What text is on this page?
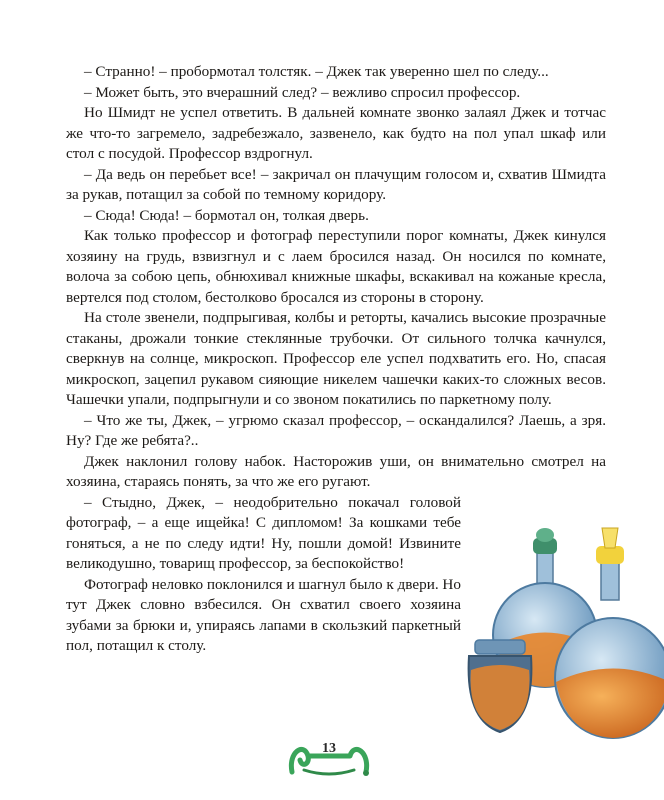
– Странно! – пробормотал толстяк. – Джек так уверенно шел по следу...

– Может быть, это вчерашний след? – вежливо спросил профессор.

Но Шмидт не успел ответить. В дальней комнате звонко залаял Джек и тотчас же что-то загремело, задребезжало, зазвенело, как будто на пол упал шкаф или стол с посудой. Профессор вздрогнул.

– Да ведь он перебьет все! – закричал он плачущим голосом и, схватив Шмидта за рукав, потащил за собой по темному коридору.

– Сюда! Сюда! – бормотал он, толкая дверь.

Как только профессор и фотограф переступили порог комнаты, Джек кинулся хозяину на грудь, взвизгнул и с лаем бросился назад. Он носился по комнате, волоча за собою цепь, обнюхивал книжные шкафы, вскакивал на кожаные кресла, вертелся под столом, бестолково бросался из стороны в сторону.

На столе звенели, подпрыгивая, колбы и реторты, качались высокие прозрачные стаканы, дрожали тонкие стеклянные трубочки. От сильного толчка качнулся, сверкнув на солнце, микроскоп. Профессор еле успел подхватить его. Но, спасая микроскоп, зацепил рукавом сияющие никелем чашечки каких-то сложных весов. Чашечки упали, подпрыгнули и со звоном покатились по паркетному полу.

– Что же ты, Джек, – угрюмо сказал профессор, – оскандалился? Лаешь, а зря. Ну? Где же ребята?..

Джек наклонил голову набок. Насторожив уши, он внимательно смотрел на хозяина, стараясь понять, за что же его ругают.

– Стыдно, Джек, – неодобрительно покачал головой фотограф, – а еще ищейка! С дипломом! За кошками тебе гоняться, а не по следу идти! Ну, пошли домой! Извините великодушно, товарищ профессор, за беспокойство!

Фотограф неловко поклонился и шагнул было к двери. Но тут Джек словно взбесился. Он схватил своего хозяина зубами за брюки и, упираясь лапами в скользкий паркетный пол, потащил к столу.

13
